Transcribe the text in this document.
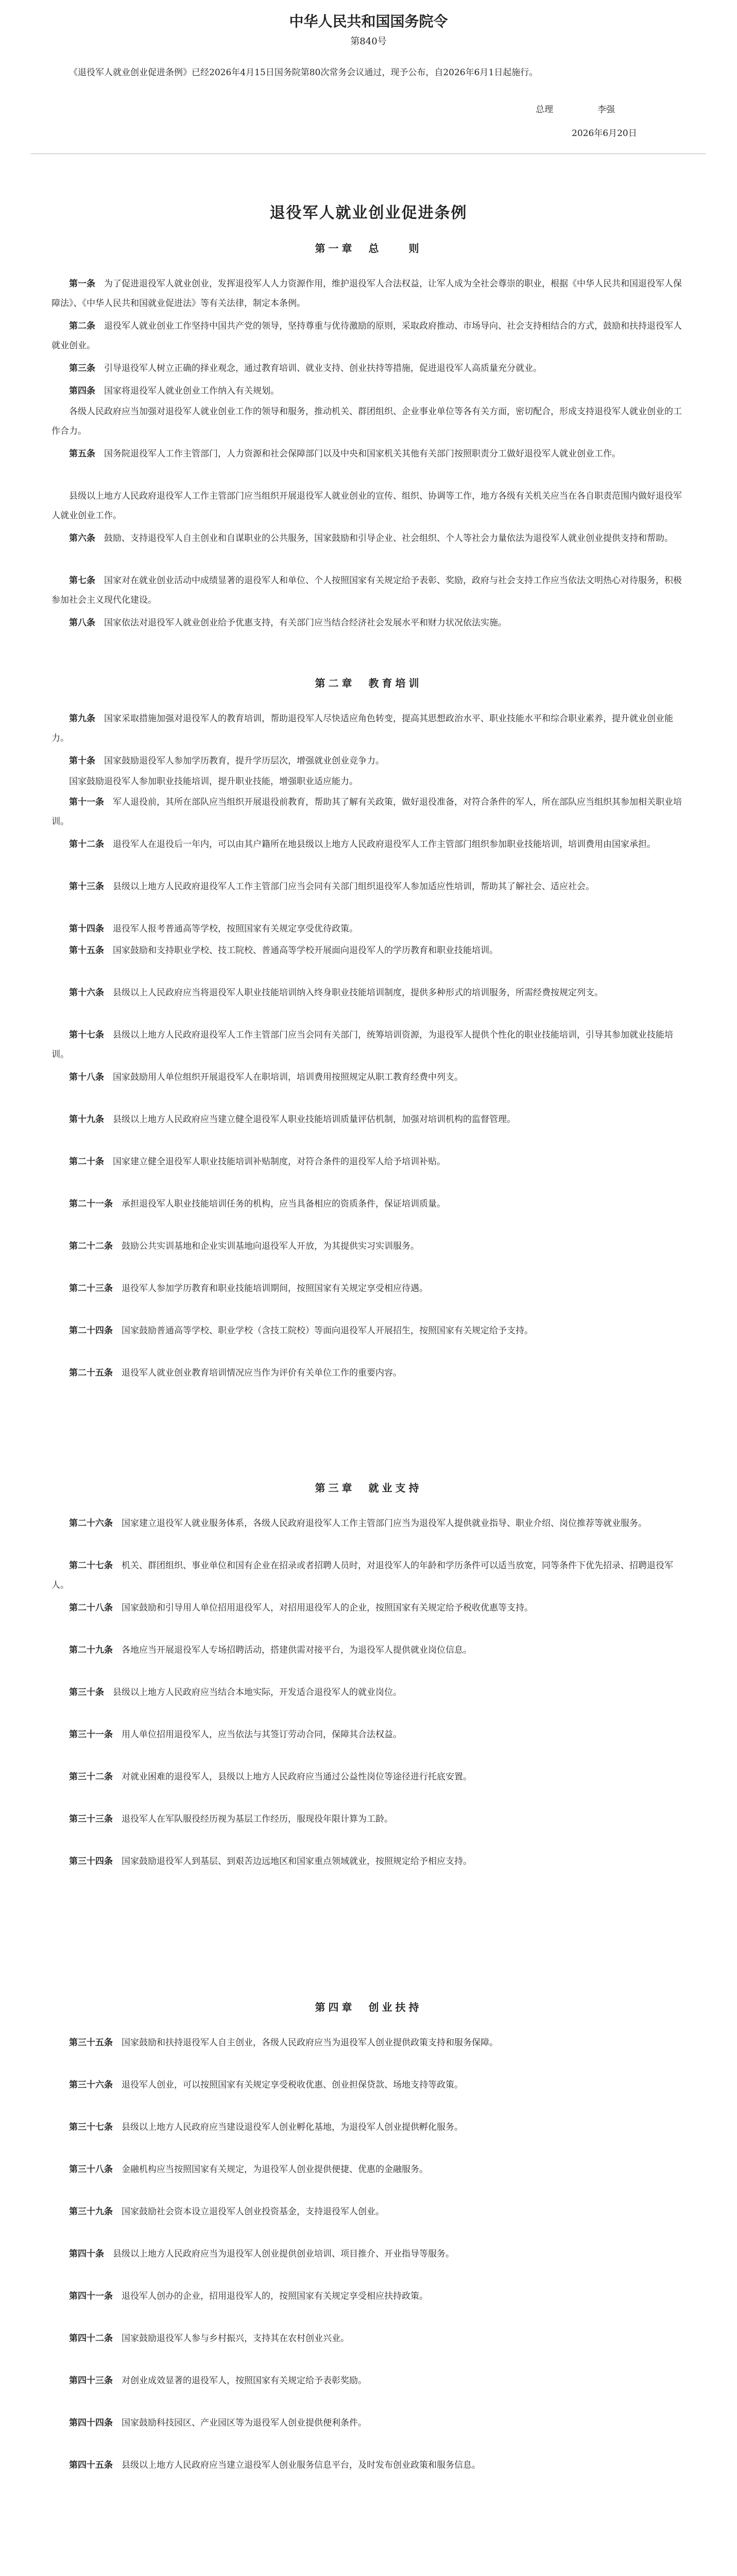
中华人民共和国国务院令
第840号
《退役军人就业创业促进条例》已经2026年4月15日国务院第80次常务会议通过，现予公布，自2026年6月1日起施行。
总理	李强
2026年6月20日
退役军人就业创业促进条例
第一章　总　　则
第一条　 为了促进退役军人就业创业，发挥退役军人人力资源作用，维护退役军人合法权益，让军人成为全社会尊崇的职业，根据《中华人民共和国退役军人保障法》、《中华人民共和国就业促进法》等有关法律，制定本条例。
第二条　 退役军人就业创业工作坚持中国共产党的领导，坚持尊重与优待激励的原则，采取政府推动、市场导向、社会支持相结合的方式，鼓励和扶持退役军人就业创业。
第三条　 引导退役军人树立正确的择业观念，通过教育培训、就业支持、创业扶持等措施，促进退役军人高质量充分就业。
第四条　 国家将退役军人就业创业工作纳入有关规划。
各级人民政府应当加强对退役军人就业创业工作的领导和服务，推动机关、群团组织、企业事业单位等各有关方面，密切配合，形成支持退役军人就业创业的工作合力。
第五条　 国务院退役军人工作主管部门，人力资源和社会保障部门以及中央和国家机关其他有关部门按照职责分工做好退役军人就业创业工作。
县级以上地方人民政府退役军人工作主管部门应当组织开展退役军人就业创业的宣传、组织、协调等工作，地方各级有关机关应当在各自职责范围内做好退役军人就业创业工作。
第六条　 鼓励、支持退役军人自主创业和自谋职业的公共服务，国家鼓励和引导企业、社会组织、个人等社会力量依法为退役军人就业创业提供支持和帮助。
第七条　 国家对在就业创业活动中成绩显著的退役军人和单位、个人按照国家有关规定给予表彰、奖励，政府与社会支持工作应当依法文明热心对待服务，积极参加社会主义现代化建设。
第八条　 国家依法对退役军人就业创业给予优惠支持，有关部门应当结合经济社会发展水平和财力状况依法实施。
第二章　教育培训
第九条　 国家采取措施加强对退役军人的教育培训，帮助退役军人尽快适应角色转变，提高其思想政治水平、职业技能水平和综合职业素养，提升就业创业能力。
第十条　 国家鼓励退役军人参加学历教育，提升学历层次，增强就业创业竞争力。
国家鼓励退役军人参加职业技能培训，提升职业技能，增强职业适应能力。
第十一条　 军人退役前，其所在部队应当组织开展退役前教育，帮助其了解有关政策，做好退役准备，对符合条件的军人，所在部队应当组织其参加相关职业培训。
第十二条　 退役军人在退役后一年内，可以由其户籍所在地县级以上地方人民政府退役军人工作主管部门组织参加职业技能培训，培训费用由国家承担。
第十三条　 县级以上地方人民政府退役军人工作主管部门应当会同有关部门组织退役军人参加适应性培训，帮助其了解社会、适应社会。
第十四条　 退役军人报考普通高等学校，按照国家有关规定享受优待政策。
第十五条　 国家鼓励和支持职业学校、技工院校、普通高等学校开展面向退役军人的学历教育和职业技能培训。
第十六条　 县级以上人民政府应当将退役军人职业技能培训纳入终身职业技能培训制度，提供多种形式的培训服务，所需经费按规定列支。
第十七条　 县级以上地方人民政府退役军人工作主管部门应当会同有关部门，统筹培训资源，为退役军人提供个性化的职业技能培训，引导其参加就业技能培训。
第十八条　 国家鼓励用人单位组织开展退役军人在职培训，培训费用按照规定从职工教育经费中列支。
第十九条　 县级以上地方人民政府应当建立健全退役军人职业技能培训质量评估机制，加强对培训机构的监督管理。
第二十条　 国家建立健全退役军人职业技能培训补贴制度，对符合条件的退役军人给予培训补贴。
第二十一条　 承担退役军人职业技能培训任务的机构，应当具备相应的资质条件，保证培训质量。
第二十二条　 鼓励公共实训基地和企业实训基地向退役军人开放，为其提供实习实训服务。
第二十三条　 退役军人参加学历教育和职业技能培训期间，按照国家有关规定享受相应待遇。
第二十四条　 国家鼓励普通高等学校、职业学校（含技工院校）等面向退役军人开展招生，按照国家有关规定给予支持。
第二十五条　 退役军人就业创业教育培训情况应当作为评价有关单位工作的重要内容。
第三章　就业支持
第二十六条　 国家建立退役军人就业服务体系，各级人民政府退役军人工作主管部门应当为退役军人提供就业指导、职业介绍、岗位推荐等就业服务。
第二十七条　 机关、群团组织、事业单位和国有企业在招录或者招聘人员时，对退役军人的年龄和学历条件可以适当放宽，同等条件下优先招录、招聘退役军人。
第二十八条　 国家鼓励和引导用人单位招用退役军人，对招用退役军人的企业，按照国家有关规定给予税收优惠等支持。
第二十九条　 各地应当开展退役军人专场招聘活动，搭建供需对接平台，为退役军人提供就业岗位信息。
第三十条　 县级以上地方人民政府应当结合本地实际，开发适合退役军人的就业岗位。
第三十一条　 用人单位招用退役军人，应当依法与其签订劳动合同，保障其合法权益。
第三十二条　 对就业困难的退役军人，县级以上地方人民政府应当通过公益性岗位等途径进行托底安置。
第三十三条　 退役军人在军队服役经历视为基层工作经历，服现役年限计算为工龄。
第三十四条　 国家鼓励退役军人到基层、到艰苦边远地区和国家重点领域就业，按照规定给予相应支持。
第四章　创业扶持
第三十五条　 国家鼓励和扶持退役军人自主创业，各级人民政府应当为退役军人创业提供政策支持和服务保障。
第三十六条　 退役军人创业，可以按照国家有关规定享受税收优惠、创业担保贷款、场地支持等政策。
第三十七条　 县级以上地方人民政府应当建设退役军人创业孵化基地，为退役军人创业提供孵化服务。
第三十八条　 金融机构应当按照国家有关规定，为退役军人创业提供便捷、优惠的金融服务。
第三十九条　 国家鼓励社会资本设立退役军人创业投资基金，支持退役军人创业。
第四十条　 县级以上地方人民政府应当为退役军人创业提供创业培训、项目推介、开业指导等服务。
第四十一条　 退役军人创办的企业，招用退役军人的，按照国家有关规定享受相应扶持政策。
第四十二条　 国家鼓励退役军人参与乡村振兴，支持其在农村创业兴业。
第四十三条　 对创业成效显著的退役军人，按照国家有关规定给予表彰奖励。
第四十四条　 国家鼓励科技园区、产业园区等为退役军人创业提供便利条件。
第四十五条　 县级以上地方人民政府应当建立退役军人创业服务信息平台，及时发布创业政策和服务信息。
